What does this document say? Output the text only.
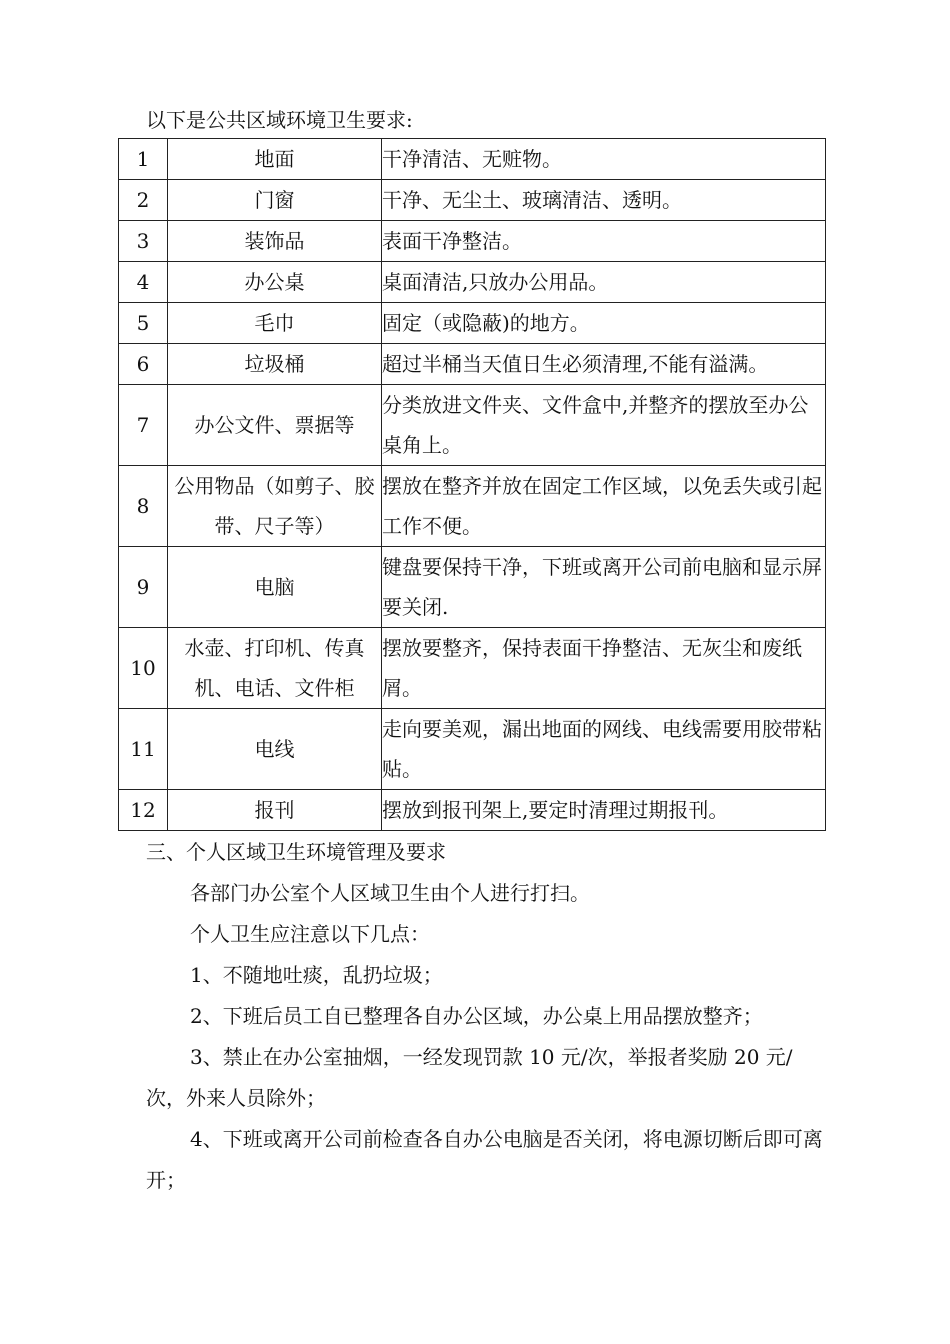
以下是公共区域环境卫生要求:
1	地面	干净清洁、无赃物。
2	门窗	干净、无尘土、玻璃清洁、透明。
3	装饰品	表面干净整洁。
4	办公桌	桌面清洁,只放办公用品。
5	毛巾	固定（或隐蔽)的地方。
6	垃圾桶	超过半桶当天值日生必须清理,不能有溢满。
7	办公文件、票据等	分类放进文件夹、文件盒中,并整齐的摆放至办公桌角上。
8	公用物品（如剪子、胶带、尺子等）	摆放在整齐并放在固定工作区域，以免丢失或引起工作不便。
9	电脑	键盘要保持干净，下班或离开公司前电脑和显示屏要关闭.
10	水壶、打印机、传真机、电话、文件柜	摆放要整齐，保持表面干挣整洁、无灰尘和废纸屑。
11	电线	走向要美观，漏出地面的网线、电线需要用胶带粘贴。
12	报刊	摆放到报刊架上,要定时清理过期报刊。

三、个人区域卫生环境管理及要求

各部门办公室个人区域卫生由个人进行打扫。

个人卫生应注意以下几点：

1、不随地吐痰，乱扔垃圾；

2、下班后员工自已整理各自办公区域，办公桌上用品摆放整齐；

3、禁止在办公室抽烟，一经发现罚款 10 元/次，举报者奖励 20 元/次，外来人员除外；

4、下班或离开公司前检查各自办公电脑是否关闭，将电源切断后即可离开；
